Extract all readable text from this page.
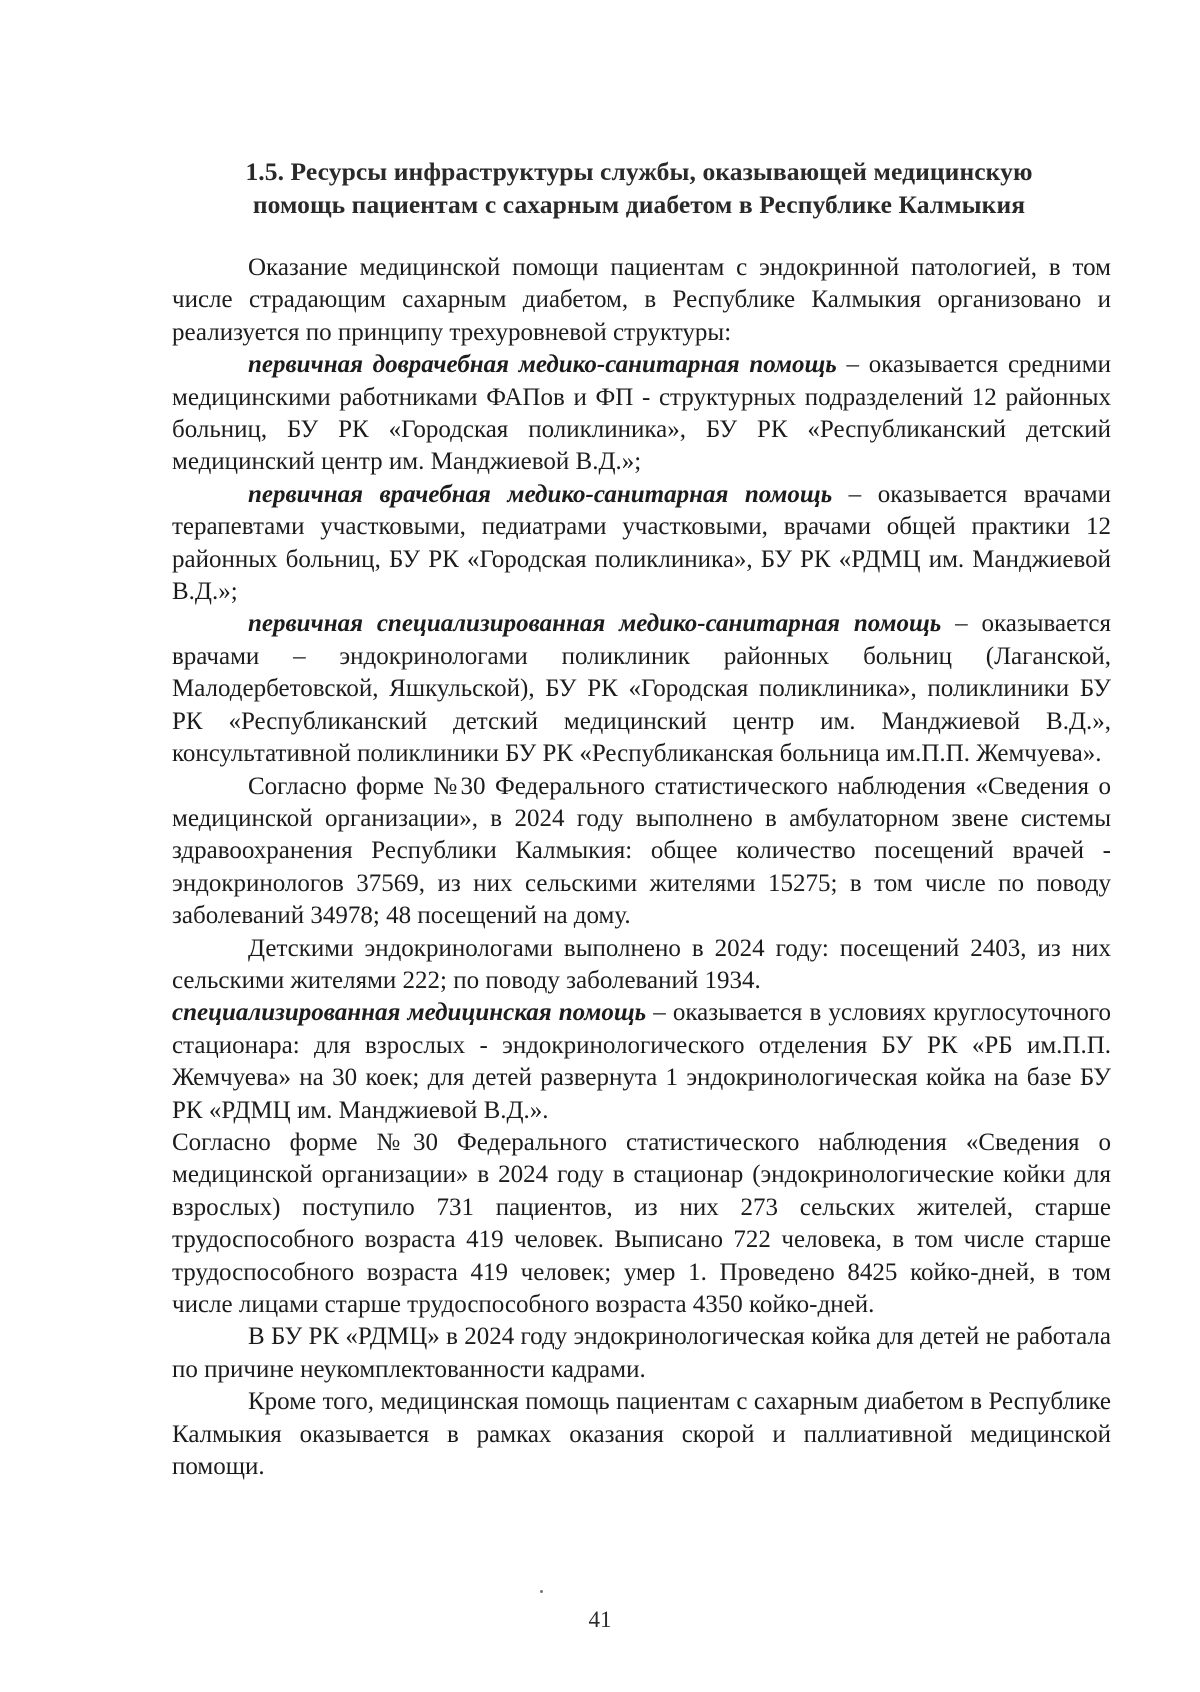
1.5. Ресурсы инфраструктуры службы, оказывающей медицинскую
помощь пациентам с сахарным диабетом в Республике Калмыкия

Оказание медицинской помощи пациентам с эндокринной патологией, в том числе страдающим сахарным диабетом, в Республике Калмыкия организовано и реализуется по принципу трехуровневой структуры:

первичная доврачебная медико-санитарная помощь – оказывается средними медицинскими работниками ФАПов и ФП - структурных подразделений 12 районных больниц, БУ РК «Городская поликлиника», БУ РК «Республиканский детский медицинский центр им. Манджиевой В.Д.»;

первичная врачебная медико-санитарная помощь – оказывается врачами терапевтами участковыми, педиатрами участковыми, врачами общей практики 12 районных больниц, БУ РК «Городская поликлиника», БУ РК «РДМЦ им. Манджиевой В.Д.»;

первичная специализированная медико-санитарная помощь – оказывается врачами – эндокринологами поликлиник районных больниц (Лаганской, Малодербетовской, Яшкульской), БУ РК «Городская поликлиника», поликлиники БУ РК «Республиканский детский медицинский центр им. Манджиевой В.Д.», консультативной поликлиники БУ РК «Республиканская больница им.П.П. Жемчуева».

Согласно форме №30 Федерального статистического наблюдения «Сведения о медицинской организации», в 2024 году выполнено в амбулаторном звене системы здравоохранения Республики Калмыкия: общее количество посещений врачей - эндокринологов 37569, из них сельскими жителями 15275; в том числе по поводу заболеваний 34978; 48 посещений на дому.

Детскими эндокринологами выполнено в 2024 году: посещений 2403, из них сельскими жителями 222; по поводу заболеваний 1934.

специализированная медицинская помощь – оказывается в условиях круглосуточного стационара: для взрослых - эндокринологического отделения БУ РК «РБ им.П.П. Жемчуева» на 30 коек; для детей развернута 1 эндокринологическая койка на базе БУ РК «РДМЦ им. Манджиевой В.Д.».

Согласно форме №30 Федерального статистического наблюдения «Сведения о медицинской организации» в 2024 году в стационар (эндокринологические койки для взрослых) поступило 731 пациентов, из них 273 сельских жителей, старше трудоспособного возраста 419 человек. Выписано 722 человека, в том числе старше трудоспособного возраста 419 человек; умер 1. Проведено 8425 койко-дней, в том числе лицами старше трудоспособного возраста 4350 койко-дней.

В БУ РК «РДМЦ» в 2024 году эндокринологическая койка для детей не работала по причине неукомплектованности кадрами.

Кроме того, медицинская помощь пациентам с сахарным диабетом в Республике Калмыкия оказывается в рамках оказания скорой и паллиативной медицинской помощи.

41
